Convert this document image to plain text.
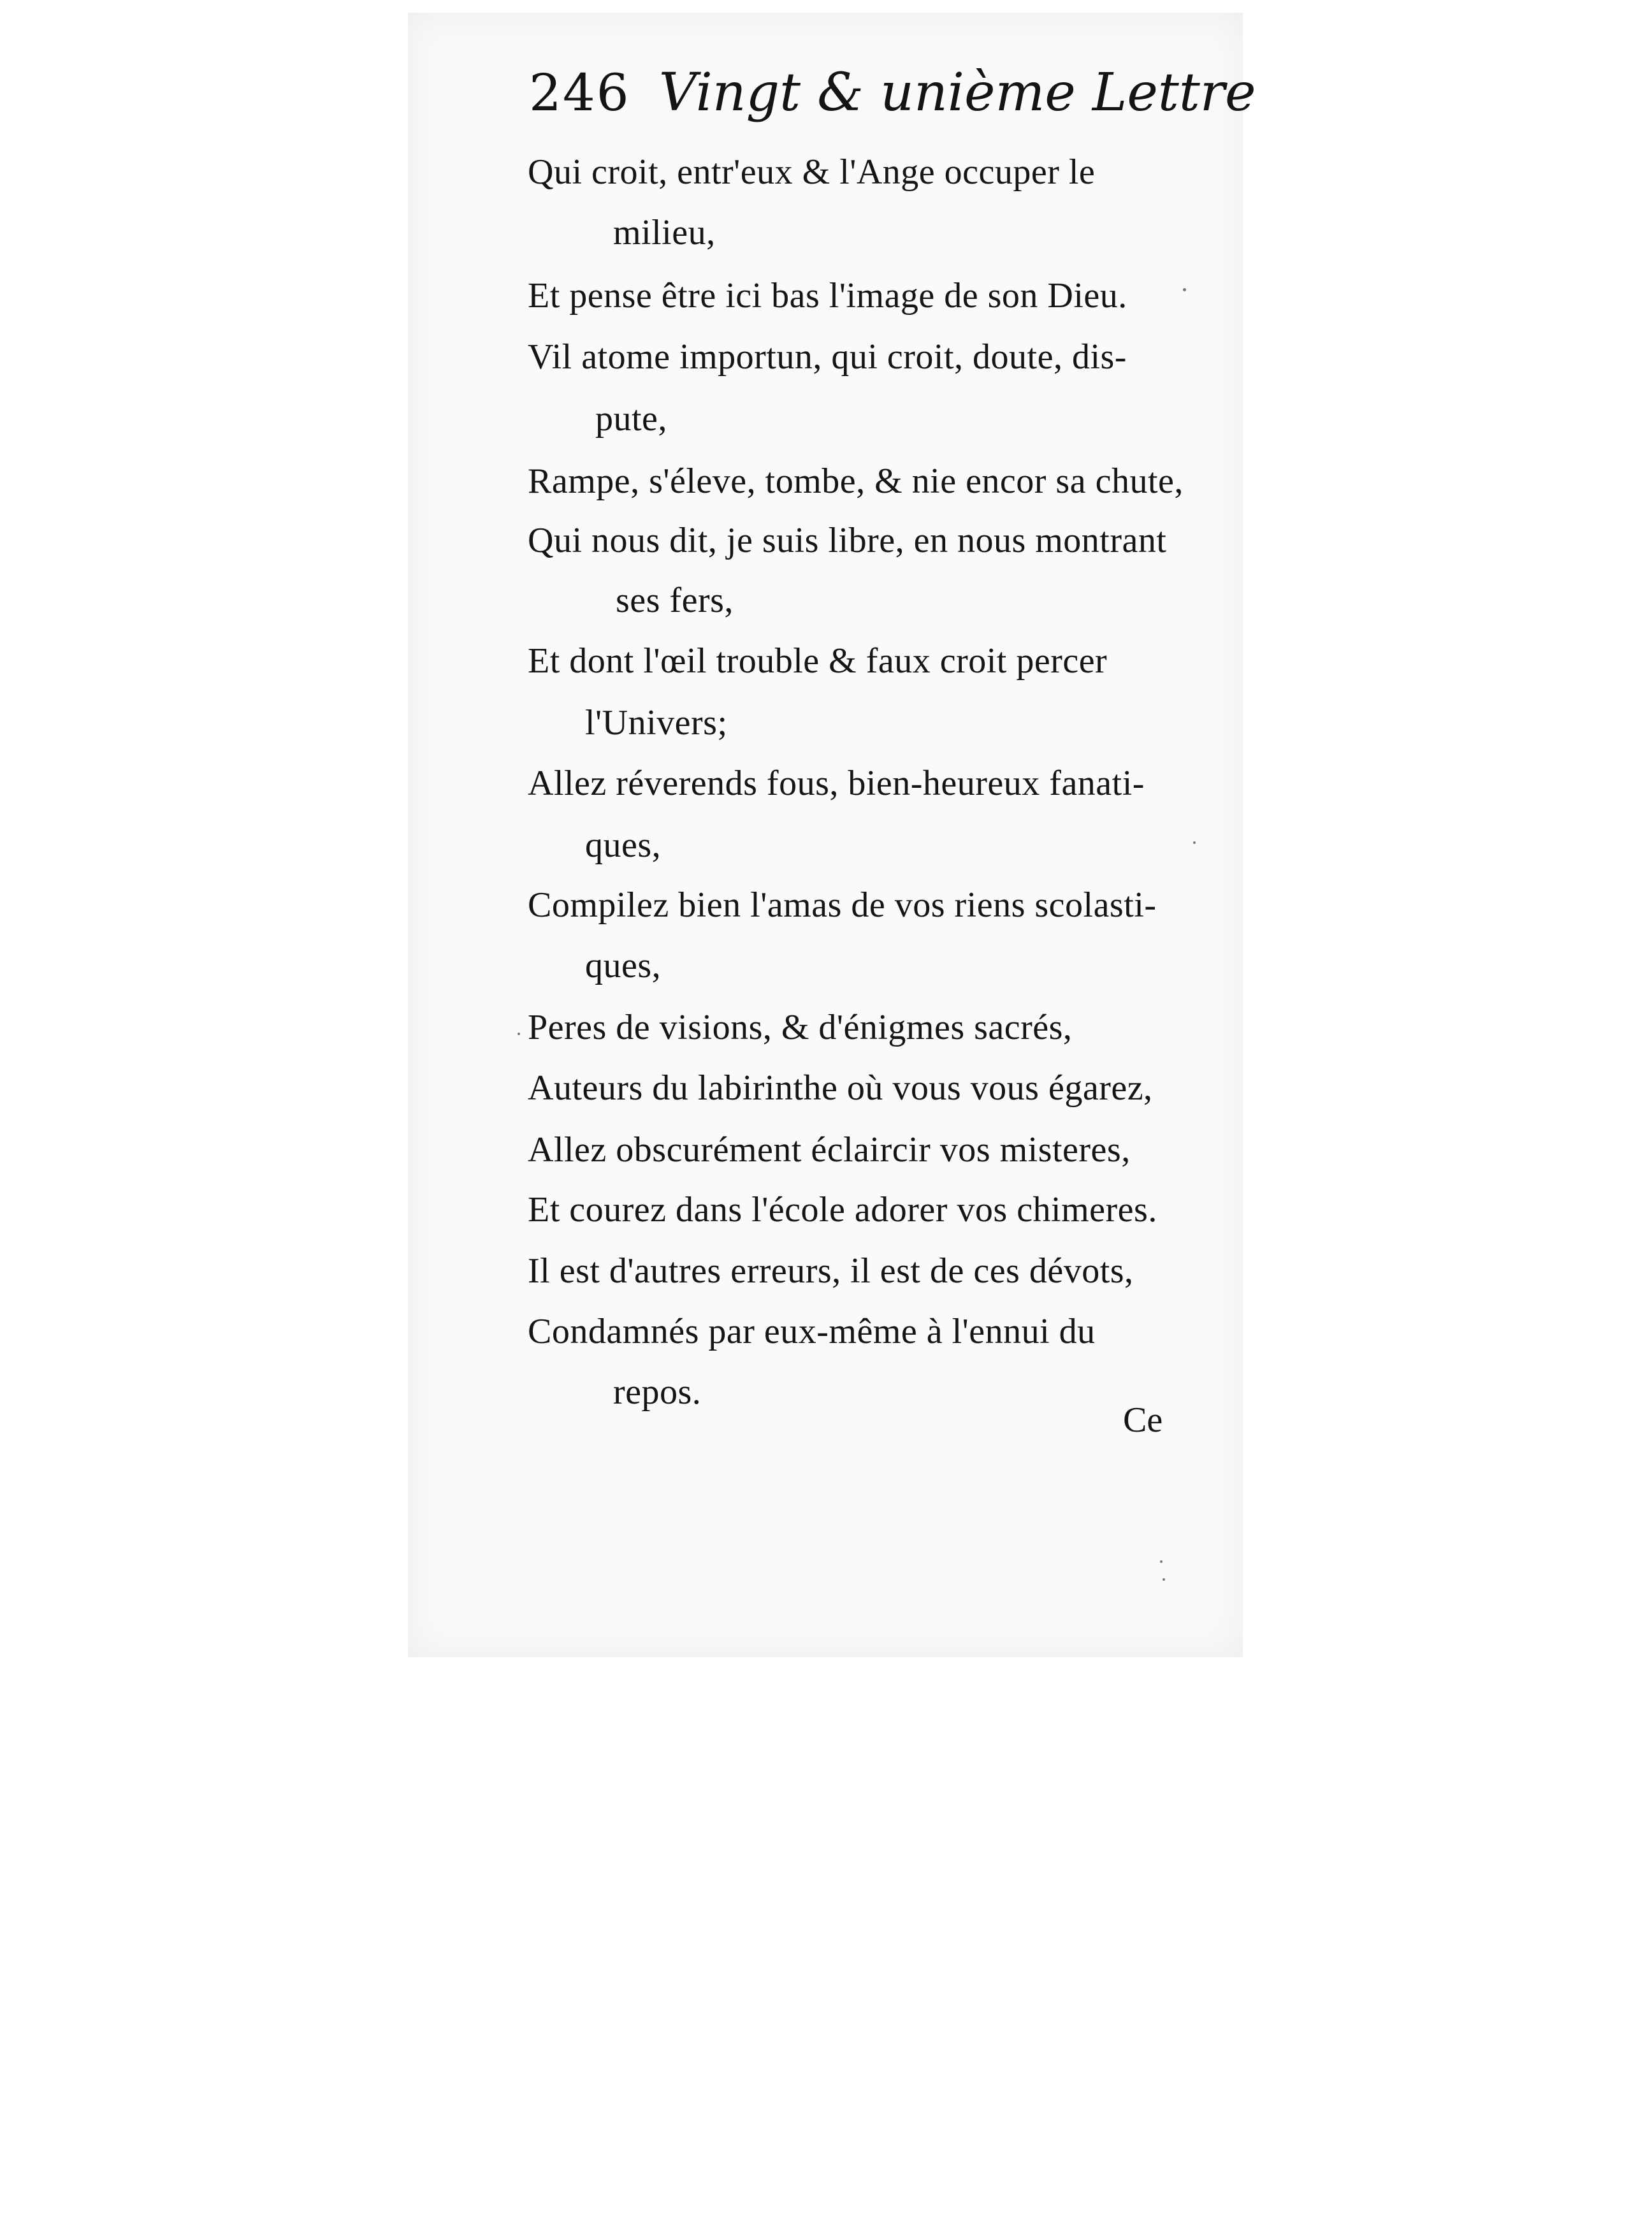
246 Vingt & unième Lettre
Qui croit, entr'eux & l'Ange occuper le
milieu,
Et pense être ici bas l'image de son Dieu.
Vil atome importun, qui croit, doute, dis-
pute,
Rampe, s'éleve, tombe, & nie encor sa chute,
Qui nous dit, je suis libre, en nous montrant
ses fers,
Et dont l'œil trouble & faux croit percer
l'Univers;
Allez réverends fous, bien-heureux fanati-
ques,
Compilez bien l'amas de vos riens scolasti-
ques,
Peres de visions, & d'énigmes sacrés,
Auteurs du labirinthe où vous vous égarez,
Allez obscurément éclaircir vos misteres,
Et courez dans l'école adorer vos chimeres.
Il est d'autres erreurs, il est de ces dévots,
Condamnés par eux-même à l'ennui du
repos.
Ce
